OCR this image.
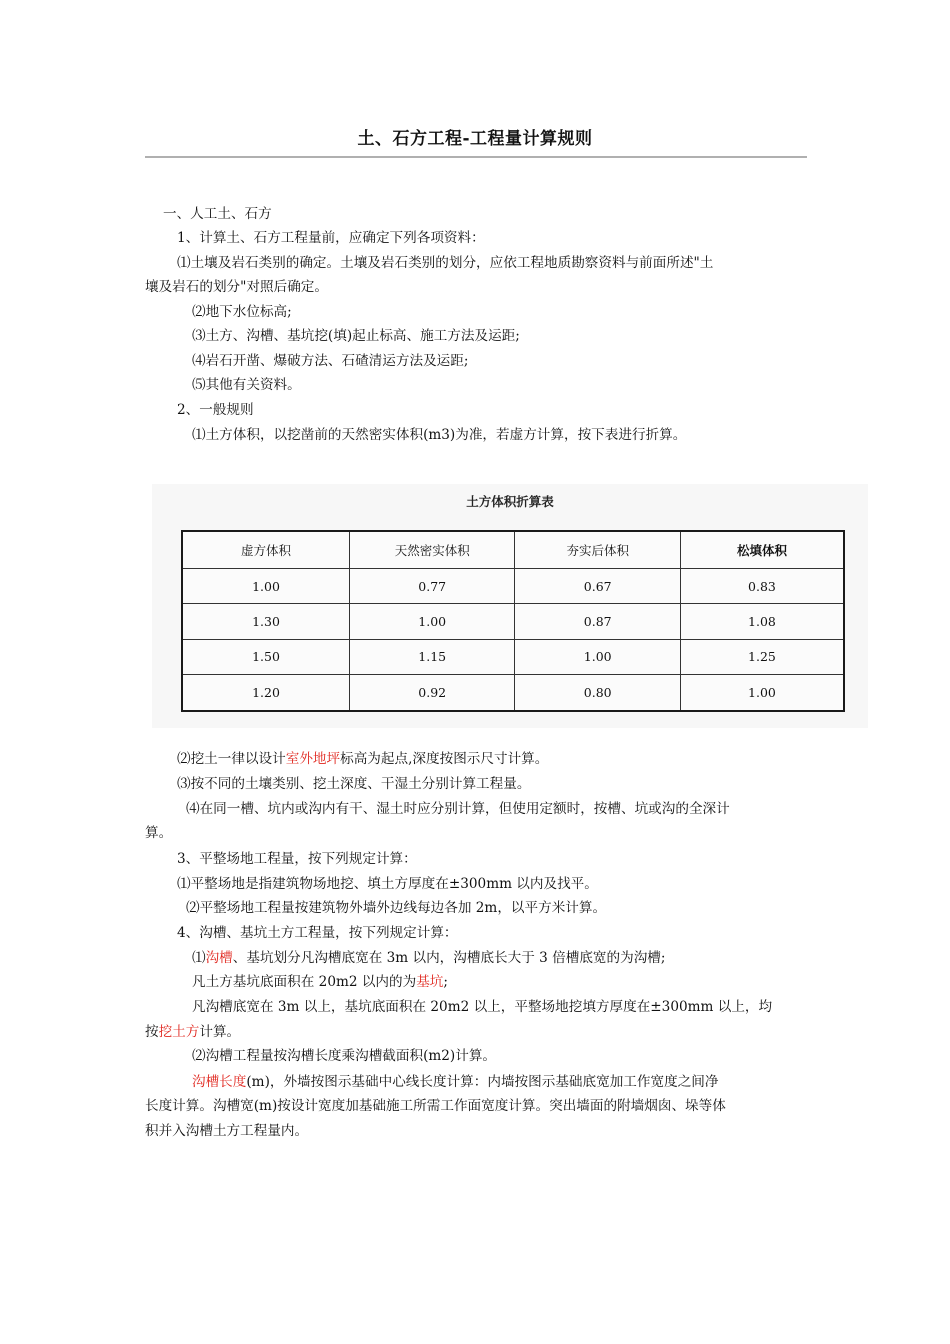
土、石方工程-工程量计算规则
一、人工土、石方
1、计算土、石方工程量前，应确定下列各项资料：
⑴土壤及岩石类别的确定。土壤及岩石类别的划分，应依工程地质勘察资料与前面所述"土
壤及岩石的划分"对照后确定。
⑵地下水位标高;
⑶土方、沟槽、基坑挖(填)起止标高、施工方法及运距;
⑷岩石开凿、爆破方法、石碴清运方法及运距;
⑸其他有关资料。
2、一般规则
⑴土方体积，以挖凿前的天然密实体积(m3)为准，若虚方计算，按下表进行折算。
土方体积折算表
虚方体积	天然密实体积	夯实后体积	松填体积
1.00	0.77	0.67	0.83
1.30	1.00	0.87	1.08
1.50	1.15	1.00	1.25
1.20	0.92	0.80	1.00
⑵挖土一律以设计室外地坪标高为起点,深度按图示尺寸计算。
⑶按不同的土壤类别、挖土深度、干湿土分别计算工程量。
⑷在同一槽、坑内或沟内有干、湿土时应分别计算，但使用定额时，按槽、坑或沟的全深计
算。
3、平整场地工程量，按下列规定计算：
⑴平整场地是指建筑物场地挖、填土方厚度在±300mm 以内及找平。
⑵平整场地工程量按建筑物外墙外边线每边各加 2m，以平方米计算。
4、沟槽、基坑土方工程量，按下列规定计算：
⑴沟槽、基坑划分凡沟槽底宽在 3m 以内，沟槽底长大于 3 倍槽底宽的为沟槽;
凡土方基坑底面积在 20m2 以内的为基坑;
凡沟槽底宽在 3m 以上，基坑底面积在 20m2 以上，平整场地挖填方厚度在±300mm 以上，均
按挖土方计算。
⑵沟槽工程量按沟槽长度乘沟槽截面积(m2)计算。
沟槽长度(m)，外墙按图示基础中心线长度计算：内墙按图示基础底宽加工作宽度之间净
长度计算。沟槽宽(m)按设计宽度加基础施工所需工作面宽度计算。突出墙面的附墙烟囱、垛等体
积并入沟槽土方工程量内。
